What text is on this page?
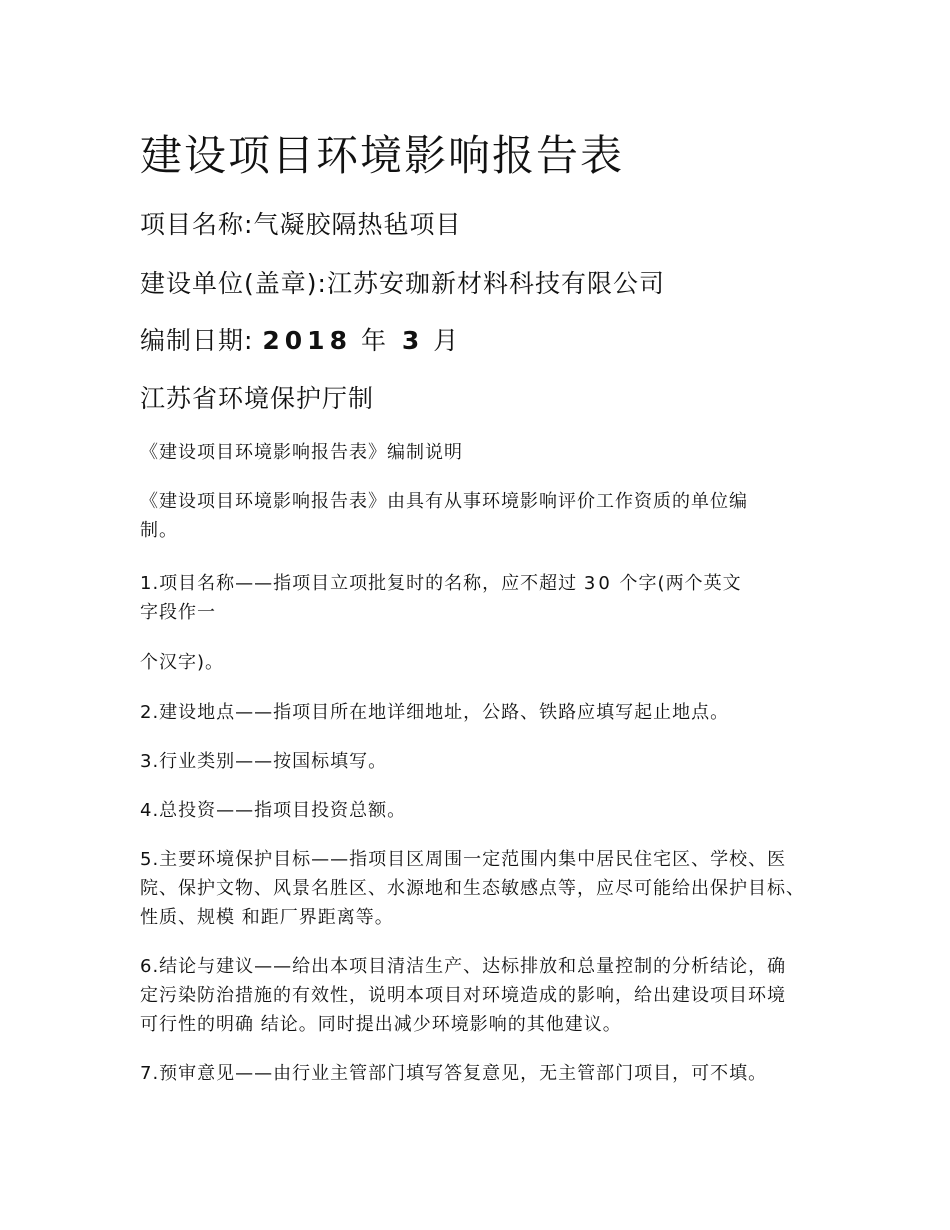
建设项目环境影响报告表
项目名称:气凝胶隔热毡项目
建设单位(盖章):江苏安珈新材料科技有限公司
编制日期: 2018 年 3 月
江苏省环境保护厅制
《建设项目环境影响报告表》编制说明
《建设项目环境影响报告表》由具有从事环境影响评价工作资质的单位编
制。
1.项目名称——指项目立项批复时的名称，应不超过 30 个字(两个英文
字段作一
个汉字)。
2.建设地点——指项目所在地详细地址，公路、铁路应填写起止地点。
3.行业类别——按国标填写。
4.总投资——指项目投资总额。
5.主要环境保护目标——指项目区周围一定范围内集中居民住宅区、学校、医
院、保护文物、风景名胜区、水源地和生态敏感点等，应尽可能给出保护目标、
性质、规模 和距厂界距离等。
6.结论与建议——给出本项目清洁生产、达标排放和总量控制的分析结论，确
定污染防治措施的有效性，说明本项目对环境造成的影响，给出建设项目环境
可行性的明确 结论。同时提出减少环境影响的其他建议。
7.预审意见——由行业主管部门填写答复意见，无主管部门项目，可不填。
